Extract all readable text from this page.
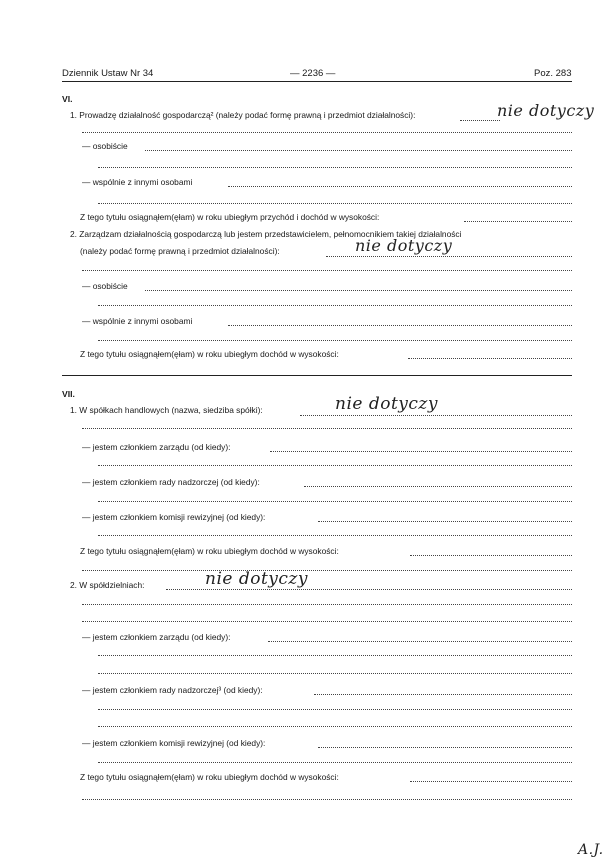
Dziennik Ustaw Nr 34	— 2236 —	Poz. 283
VI.
1. Prowadzę działalność gospodarczą² (należy podać formę prawną i przedmiot działalności):	nie dotyczy
— osobiście
— wspólnie z innymi osobami
Z tego tytułu osiągnąłem(ęłam) w roku ubiegłym przychód i dochód w wysokości:
2. Zarządzam działalnością gospodarczą lub jestem przedstawicielem, pełnomocnikiem takiej działalności
(należy podać formę prawną i przedmiot działalności):	nie dotyczy
— osobiście
— wspólnie z innymi osobami
Z tego tytułu osiągnąłem(ęłam) w roku ubiegłym dochód w wysokości:
VII.
1. W spółkach handlowych (nazwa, siedziba spółki):	nie dotyczy
— jestem członkiem zarządu (od kiedy):
— jestem członkiem rady nadzorczej (od kiedy):
— jestem członkiem komisji rewizyjnej (od kiedy):
Z tego tytułu osiągnąłem(ęłam) w roku ubiegłym dochód w wysokości:
2. W spółdzielniach:	nie dotyczy
— jestem członkiem zarządu (od kiedy):
— jestem członkiem rady nadzorczej³ (od kiedy):
— jestem członkiem komisji rewizyjnej (od kiedy):
Z tego tytułu osiągnąłem(ęłam) w roku ubiegłym dochód w wysokości:
A.J.
